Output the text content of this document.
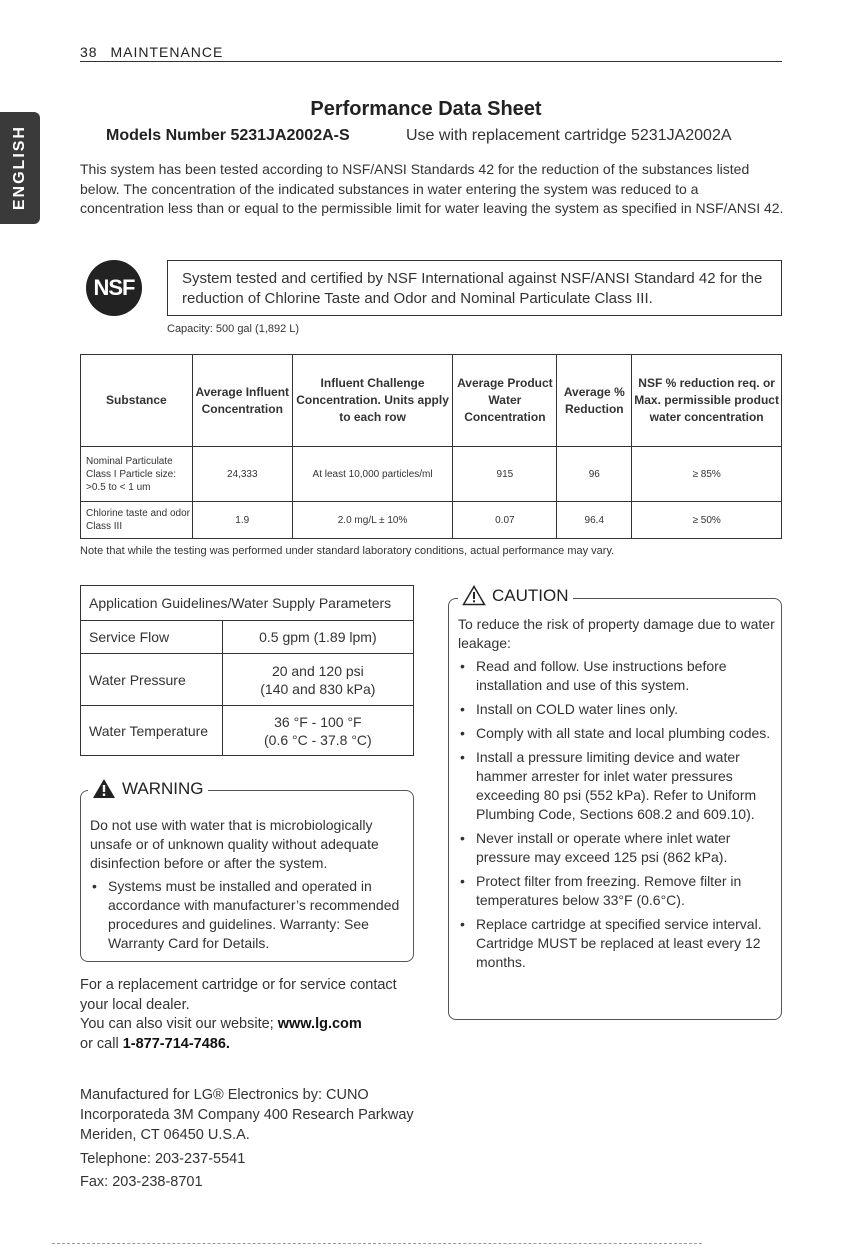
38 MAINTENANCE
ENGLISH
Performance Data Sheet
Models Number 5231JA2002A-S	Use with replacement cartridge 5231JA2002A

This system has been tested according to NSF/ANSI Standards 42 for the reduction of the substances listed below. The concentration of the indicated substances in water entering the system was reduced to a concentration less than or equal to the permissible limit for water leaving the system as specified in NSF/ANSI 42.

NSF	System tested and certified by NSF International against NSF/ANSI Standard 42 for the reduction of Chlorine Taste and Odor and Nominal Particulate Class III.
Capacity: 500 gal (1,892 L)
Substance	Average Influent Concentration	Influent Challenge Concentration. Units apply to each row	Average Product Water Concentration	Average % Reduction	NSF % reduction req. or Max. permissible product water concentration
Nominal Particulate Class I Particle size: >0.5 to < 1 um	24,333	At least 10,000 particles/ml	915	96	≥ 85%
Chlorine taste and odor Class III	1.9	2.0 mg/L ± 10%	0.07	96.4	≥ 50%
Note that while the testing was performed under standard laboratory conditions, actual performance may vary.
Application Guidelines/Water Supply Parameters	
Service Flow	0.5 gpm (1.89 lpm)
Water Pressure	20 and 120 psi
(140 and 830 kPa)

Water Temperature	36 °F - 100 °F
(0.6 °C - 37.8 °C)
WARNING

Do not use with water that is microbiologically unsafe or of unknown quality without adequate disinfection before or after the system.

• Systems must be installed and operated in accordance with manufacturer’s recommended procedures and guidelines. Warranty: See Warranty Card for Details.
CAUTION

To reduce the risk of property damage due to water leakage:

• Read and follow. Use instructions before installation and use of this system.
• Install on COLD water lines only.
• Comply with all state and local plumbing codes.
• Install a pressure limiting device and water hammer arrester for inlet water pressures exceeding 80 psi (552 kPa). Refer to Uniform Plumbing Code, Sections 608.2 and 609.10).
• Never install or operate where inlet water pressure may exceed 125 psi (862 kPa).
• Protect filter from freezing. Remove filter in temperatures below 33°F (0.6°C).
• Replace cartridge at specified service interval. Cartridge MUST be replaced at least every 12 months.
For a replacement cartridge or for service contact your local dealer.
You can also visit our website; www.lg.com
or call 1-877-714-7486.
Manufactured for LG® Electronics by: CUNO Incorporateda 3M Company 400 Research Parkway Meriden, CT 06450 U.S.A.
Telephone: 203-237-5541
Fax: 203-238-8701
